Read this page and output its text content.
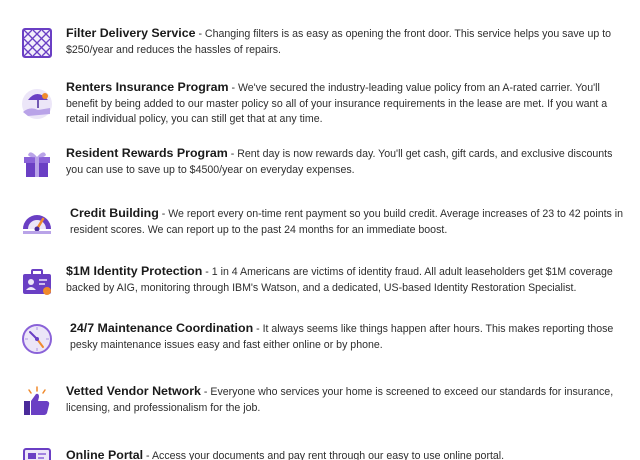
Filter Delivery Service - Changing filters is as easy as opening the front door. This service helps you save up to $250/year and reduces the hassles of repairs.
Renters Insurance Program - We've secured the industry-leading value policy from an A-rated carrier. You'll benefit by being added to our master policy so all of your insurance requirements in the lease are met. If you want a retail individual policy, you can still get that at any time.
Resident Rewards Program - Rent day is now rewards day. You'll get cash, gift cards, and exclusive discounts you can use to save up to $4500/year on everyday expenses.
Credit Building - We report every on-time rent payment so you build credit. Average increases of 23 to 42 points in resident scores. We can report up to the past 24 months for an immediate boost.
$1M Identity Protection - 1 in 4 Americans are victims of identity fraud. All adult leaseholders get $1M coverage backed by AIG, monitoring through IBM's Watson, and a dedicated, US-based Identity Restoration Specialist.
24/7 Maintenance Coordination - It always seems like things happen after hours. This makes reporting those pesky maintenance issues easy and fast either online or by phone.
Vetted Vendor Network - Everyone who services your home is screened to exceed our standards for insurance, licensing, and professionalism for the job.
Online Portal - Access your documents and pay rent through our easy to use online portal.
